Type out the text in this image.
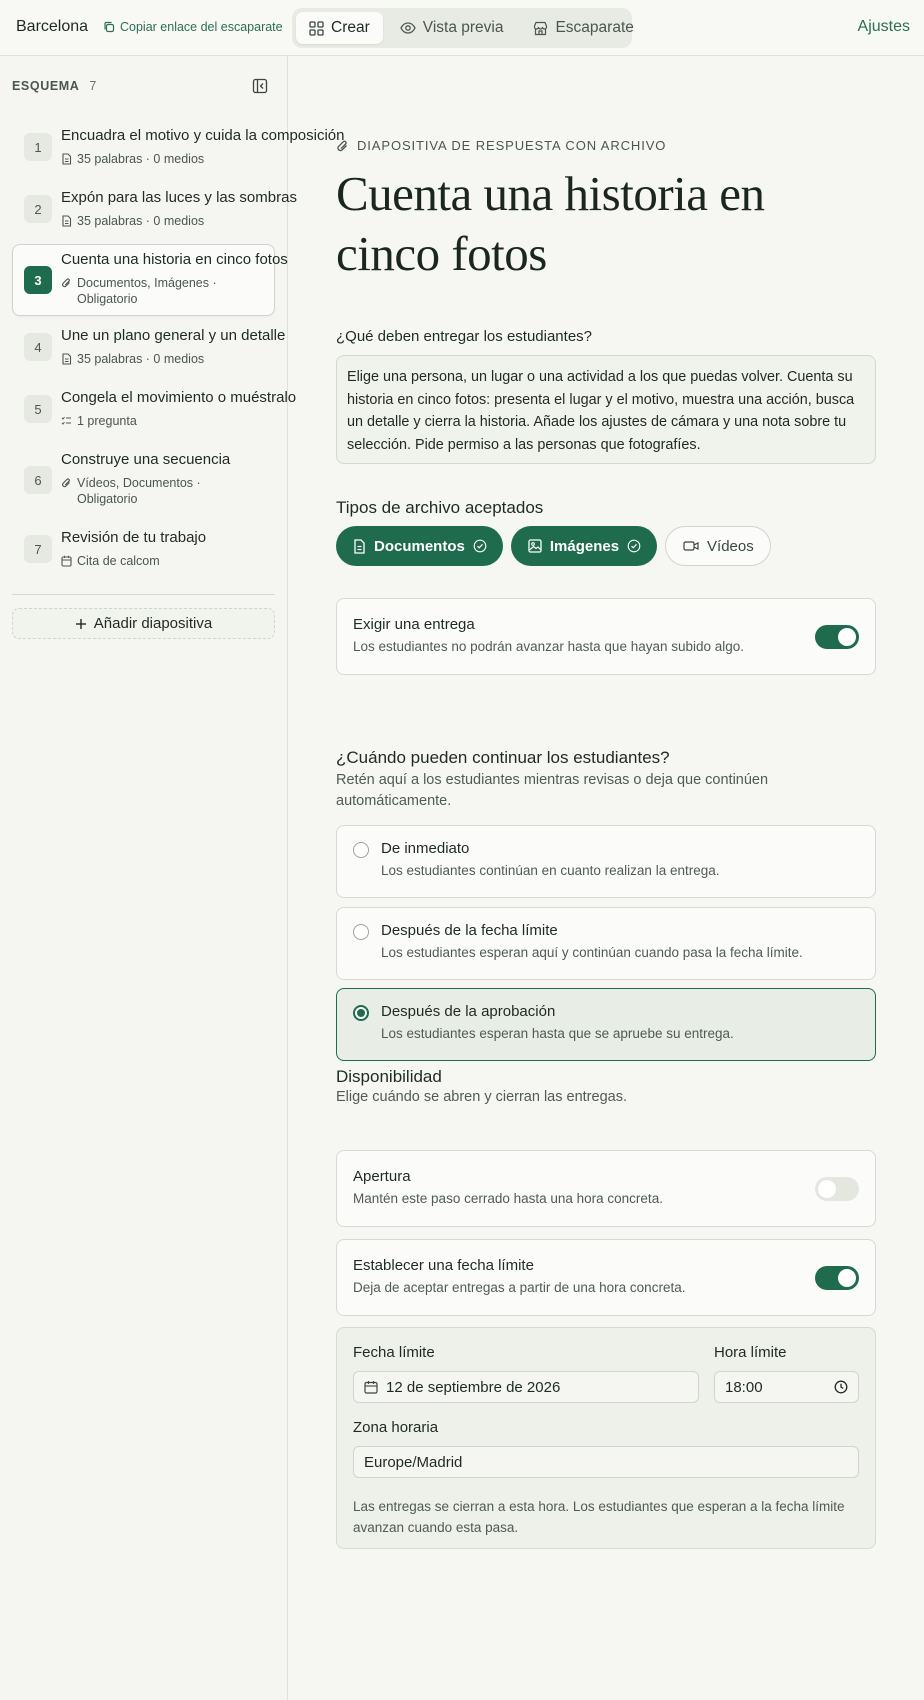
Barcelona	Copiar enlace del escaparate	Crear	Vista previa	Escaparate	Ajustes
ESQUEMA 7
1
Encuadra el motivo y cuida la composición
35 palabras · 0 medios
2
Expón para las luces y las sombras
35 palabras · 0 medios
3
Cuenta una historia en cinco fotos
Documentos, Imágenes · Obligatorio
4
Une un plano general y un detalle
35 palabras · 0 medios
5
Congela el movimiento o muéstralo
1 pregunta
6
Construye una secuencia
Vídeos, Documentos · Obligatorio
7
Revisión de tu trabajo
Cita de calcom
Añadir diapositiva
DIAPOSITIVA DE RESPUESTA CON ARCHIVO
Cuenta una historia en cinco fotos
¿Qué deben entregar los estudiantes?
Elige una persona, un lugar o una actividad a los que puedas volver. Cuenta su historia en cinco fotos: presenta el lugar y el motivo, muestra una acción, busca un detalle y cierra la historia. Añade los ajustes de cámara y una nota sobre tu selección. Pide permiso a las personas que fotografíes.
Tipos de archivo aceptados
Documentos	Imágenes	Vídeos
Exigir una entrega
Los estudiantes no podrán avanzar hasta que hayan subido algo.
¿Cuándo pueden continuar los estudiantes?
Retén aquí a los estudiantes mientras revisas o deja que continúen automáticamente.
De inmediato
Los estudiantes continúan en cuanto realizan la entrega.
Después de la fecha límite
Los estudiantes esperan aquí y continúan cuando pasa la fecha límite.
Después de la aprobación
Los estudiantes esperan hasta que se apruebe su entrega.
Disponibilidad
Elige cuándo se abren y cierran las entregas.
Apertura
Mantén este paso cerrado hasta una hora concreta.
Establecer una fecha límite
Deja de aceptar entregas a partir de una hora concreta.
Fecha límite
12 de septiembre de 2026
Hora límite
18:00
Zona horaria
Europe/Madrid
Las entregas se cierran a esta hora. Los estudiantes que esperan a la fecha límite avanzan cuando esta pasa.
